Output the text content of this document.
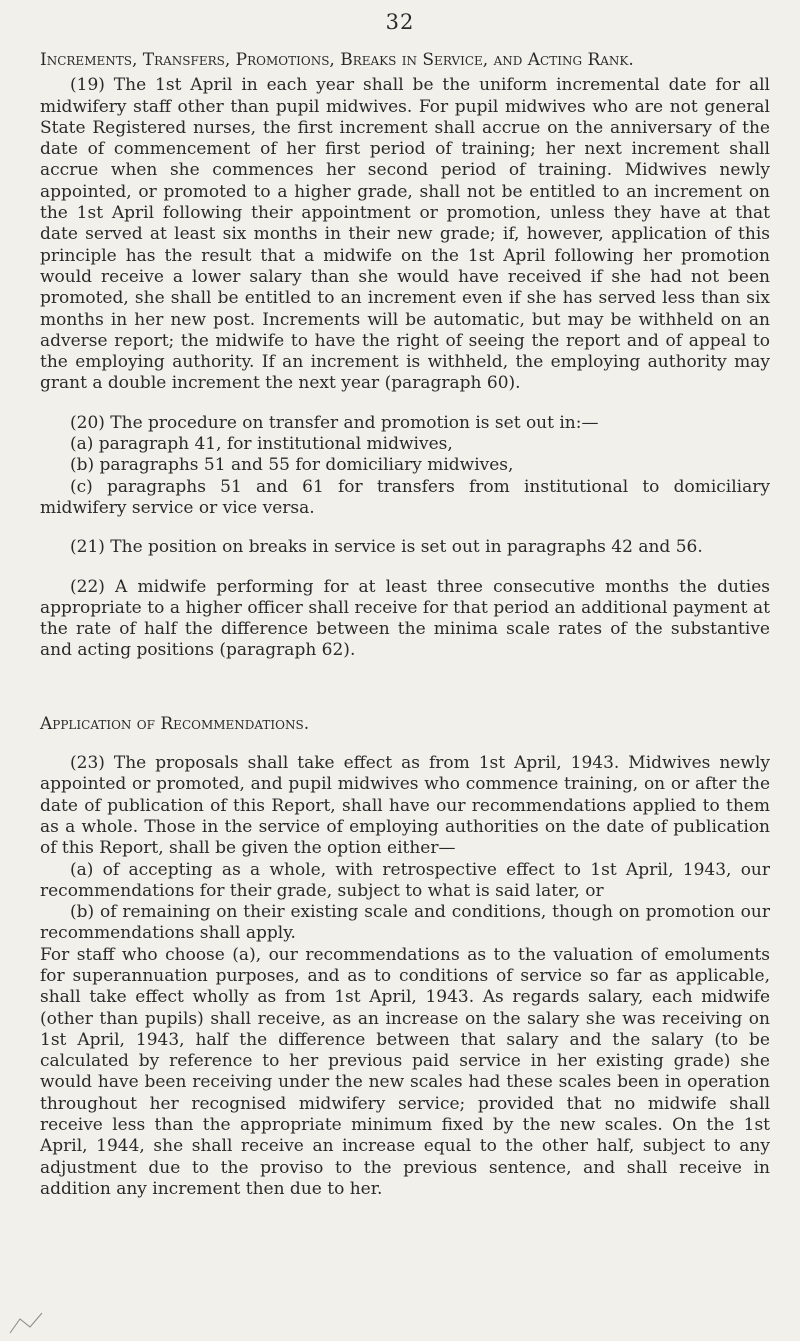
32

Increments, Transfers, Promotions, Breaks in Service, and Acting Rank.

(19) The 1st April in each year shall be the uniform incremental date for all midwifery staff other than pupil midwives. For pupil midwives who are not general State Registered nurses, the first increment shall accrue on the anniversary of the date of commencement of her first period of training; her next increment shall accrue when she commences her second period of training. Midwives newly appointed, or promoted to a higher grade, shall not be entitled to an increment on the 1st April following their appointment or promotion, unless they have at that date served at least six months in their new grade; if, however, application of this principle has the result that a midwife on the 1st April following her promotion would receive a lower salary than she would have received if she had not been promoted, she shall be entitled to an increment even if she has served less than six months in her new post. Increments will be automatic, but may be withheld on an adverse report; the midwife to have the right of seeing the report and of appeal to the employing authority. If an increment is withheld, the employing authority may grant a double increment the next year (paragraph 60).

(20) The procedure on transfer and promotion is set out in:—

(a) paragraph 41, for institutional midwives,

(b) paragraphs 51 and 55 for domiciliary midwives,

(c) paragraphs 51 and 61 for transfers from institutional to domiciliary midwifery service or vice versa.

(21) The position on breaks in service is set out in paragraphs 42 and 56.

(22) A midwife performing for at least three consecutive months the duties appropriate to a higher officer shall receive for that period an additional payment at the rate of half the difference between the minima scale rates of the substantive and acting positions (paragraph 62).

Application of Recommendations.

(23) The proposals shall take effect as from 1st April, 1943. Midwives newly appointed or promoted, and pupil midwives who commence training, on or after the date of publication of this Report, shall have our recommendations applied to them as a whole. Those in the service of employing authorities on the date of publication of this Report, shall be given the option either—

(a) of accepting as a whole, with retrospective effect to 1st April, 1943, our recommendations for their grade, subject to what is said later, or

(b) of remaining on their existing scale and conditions, though on promotion our recommendations shall apply.

For staff who choose (a), our recommendations as to the valuation of emoluments for superannuation purposes, and as to conditions of service so far as applicable, shall take effect wholly as from 1st April, 1943. As regards salary, each midwife (other than pupils) shall receive, as an increase on the salary she was receiving on 1st April, 1943, half the difference between that salary and the salary (to be calculated by reference to her previous paid service in her existing grade) she would have been receiving under the new scales had these scales been in operation throughout her recognised midwifery service; provided that no midwife shall receive less than the appropriate minimum fixed by the new scales. On the 1st April, 1944, she shall receive an increase equal to the other half, subject to any adjustment due to the proviso to the previous sentence, and shall receive in addition any increment then due to her.
